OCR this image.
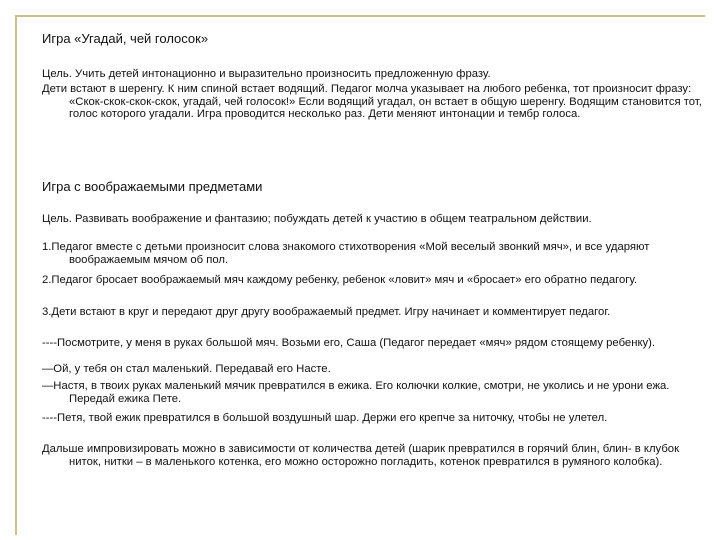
Игра «Угадай, чей голосок»

Цель. Учить детей интонационно и выразительно произносить предложенную фразу.

Дети встают в шеренгу. К ним спиной встает водящий. Педагог молча указывает на любого ребенка, тот произносит фразу: «Скок-скок-скок-скок, угадай, чей голосок!» Если водящий угадал, он встает в общую шеренгу. Водящим становится тот, голос которого угадали. Игра проводится несколько раз. Дети меняют интонации и тембр голоса.

Игра с воображаемыми предметами

Цель. Развивать воображение и фантазию; побуждать детей к участию в общем театральном действии.

1.Педагог вместе с детьми произносит слова знакомого стихотворения «Мой веселый звонкий мяч», и все ударяют воображаемым мячом об пол.

2.Педагог бросает воображаемый мяч каждому ребенку, ребенок «ловит» мяч и «бросает» его обратно педагогу.

3.Дети встают в круг и передают друг другу воображаемый предмет. Игру начинает и комментирует педагог.

----Посмотрите, у меня в руках большой мяч. Возьми его, Саша (Педагог передает «мяч» рядом стоящему ребенку).

—Ой, у тебя он стал маленький. Передавай его Насте.

—Настя, в твоих руках маленький мячик превратился в ежика. Его колючки колкие, смотри, не уколись и не урони ежа. Передай ежика Пете.

----Петя, твой ежик превратился в большой воздушный шар. Держи его крепче за ниточку, чтобы не улетел.

Дальше импровизировать можно в зависимости от количества детей (шарик превратился в горячий блин, блин- в клубок ниток, нитки – в маленького котенка, его можно осторожно погладить, котенок превратился в румяного колобка).
